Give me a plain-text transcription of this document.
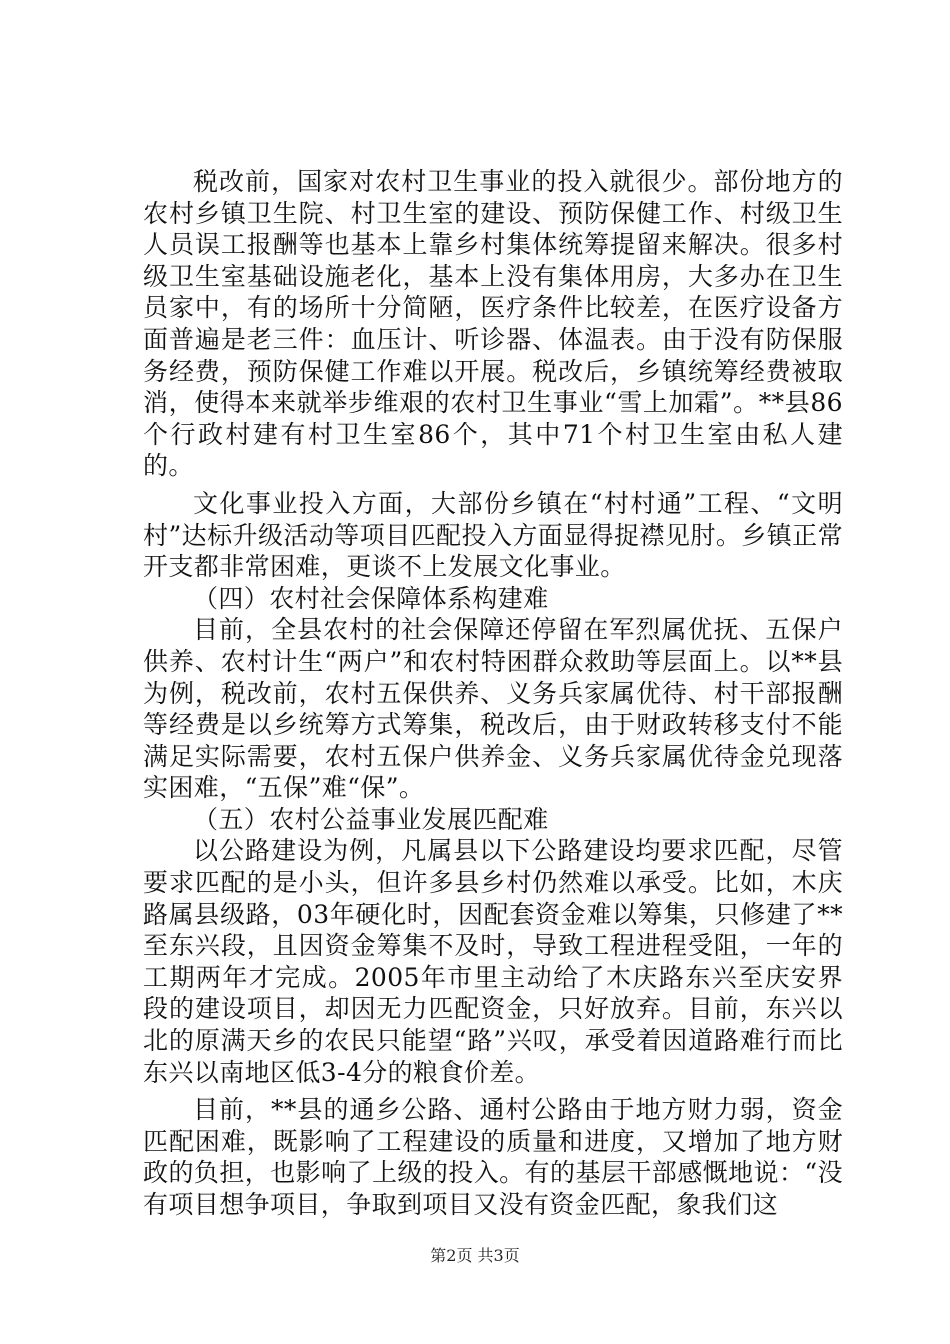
税改前，国家对农村卫生事业的投入就很少。部份地方的农村乡镇卫生院、村卫生室的建设、预防保健工作、村级卫生人员误工报酬等也基本上靠乡村集体统筹提留来解决。很多村级卫生室基础设施老化，基本上没有集体用房，大多办在卫生员家中，有的场所十分简陋，医疗条件比较差，在医疗设备方面普遍是老三件：血压计、听诊器、体温表。由于没有防保服务经费，预防保健工作难以开展。税改后，乡镇统筹经费被取消，使得本来就举步维艰的农村卫生事业“雪上加霜”。**县86个行政村建有村卫生室86个，其中71个村卫生室由私人建的。

文化事业投入方面，大部份乡镇在“村村通”工程、“文明村”达标升级活动等项目匹配投入方面显得捉襟见肘。乡镇正常开支都非常困难，更谈不上发展文化事业。

（四）农村社会保障体系构建难

目前，全县农村的社会保障还停留在军烈属优抚、五保户供养、农村计生“两户”和农村特困群众救助等层面上。以**县为例，税改前，农村五保供养、义务兵家属优待、村干部报酬等经费是以乡统筹方式筹集，税改后，由于财政转移支付不能满足实际需要，农村五保户供养金、义务兵家属优待金兑现落实困难，“五保”难“保”。

（五）农村公益事业发展匹配难

以公路建设为例，凡属县以下公路建设均要求匹配，尽管要求匹配的是小头，但许多县乡村仍然难以承受。比如，木庆路属县级路，03年硬化时，因配套资金难以筹集，只修建了**至东兴段，且因资金筹集不及时，导致工程进程受阻，一年的工期两年才完成。2005年市里主动给了木庆路东兴至庆安界段的建设项目，却因无力匹配资金，只好放弃。目前，东兴以北的原满天乡的农民只能望“路”兴叹，承受着因道路难行而比东兴以南地区低3-4分的粮食价差。

目前，**县的通乡公路、通村公路由于地方财力弱，资金匹配困难，既影响了工程建设的质量和进度，又增加了地方财政的负担，也影响了上级的投入。有的基层干部感慨地说：“没有项目想争项目，争取到项目又没有资金匹配，象我们这

第2页 共3页
